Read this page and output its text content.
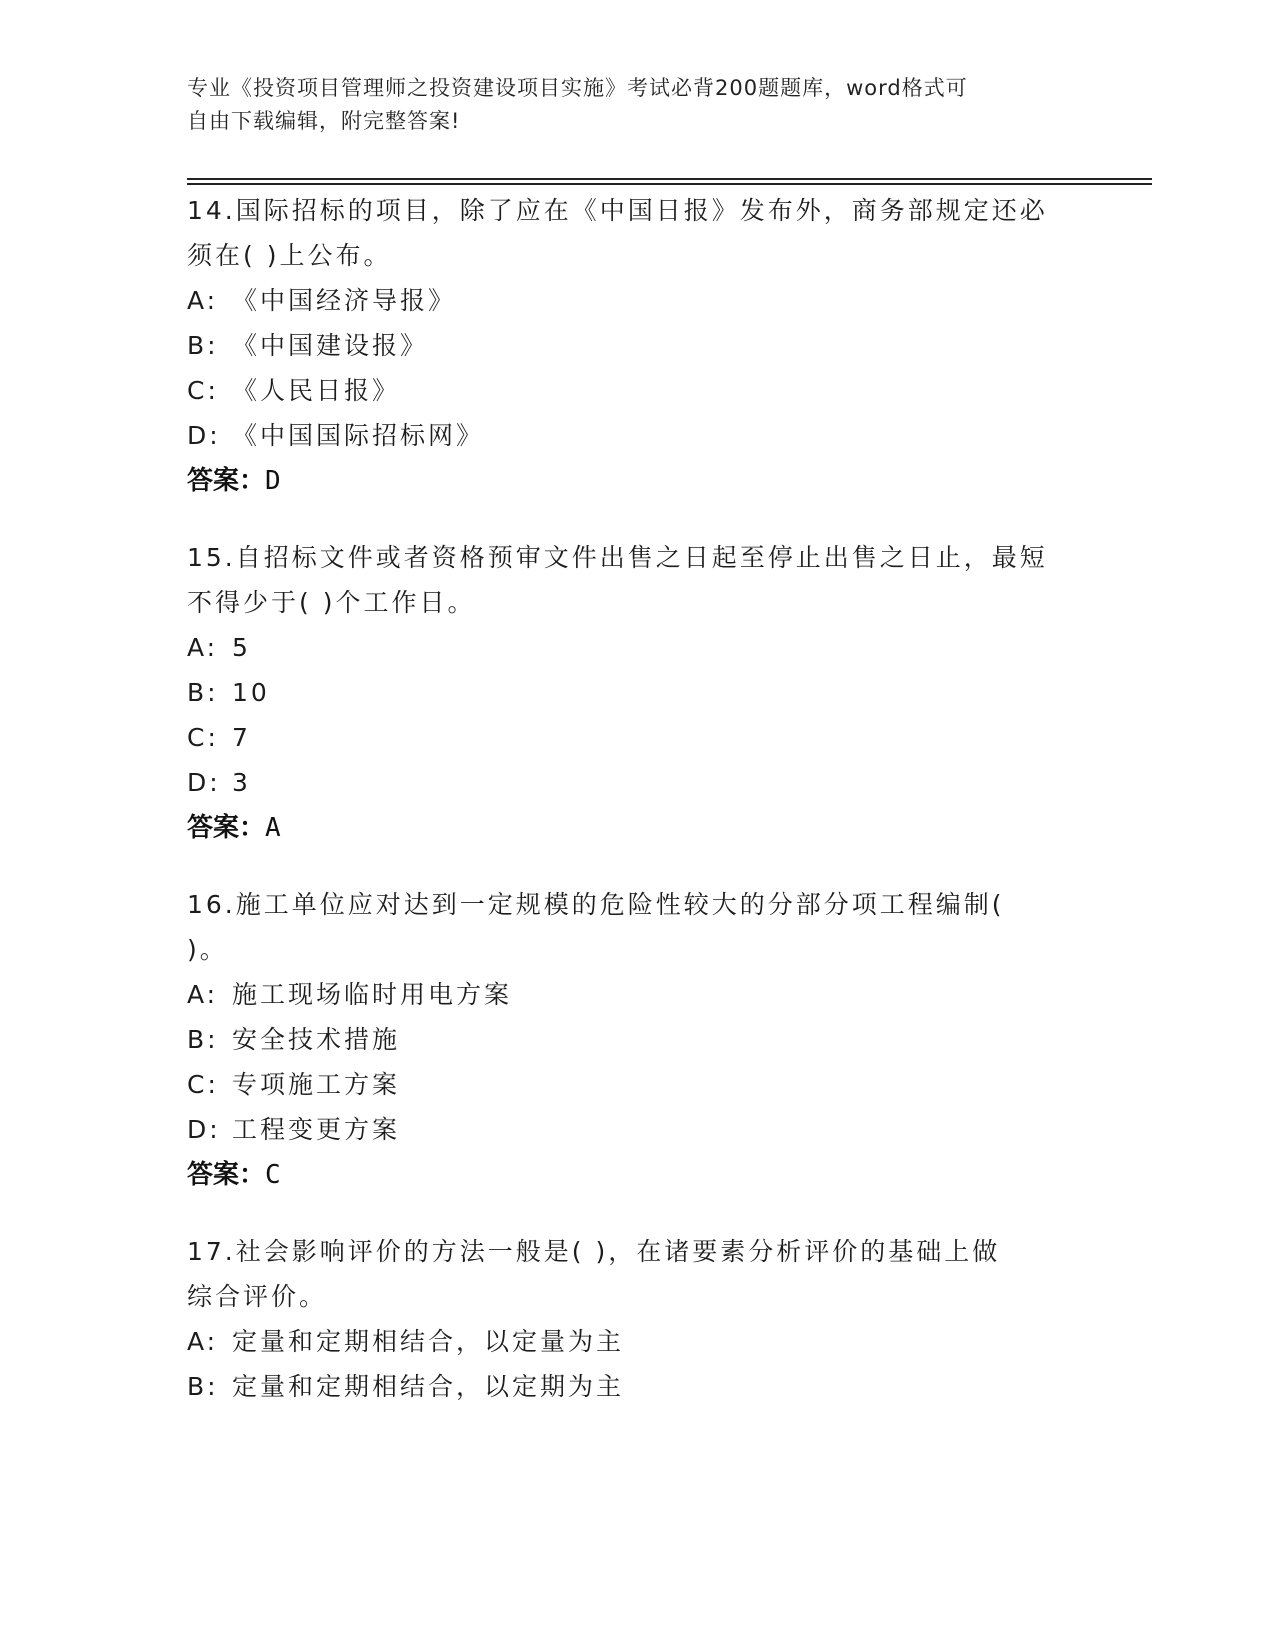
专业《投资项目管理师之投资建设项目实施》考试必背200题题库，word格式可
自由下载编辑，附完整答案!
14.国际招标的项目，除了应在《中国日报》发布外，商务部规定还必
须在( )上公布。
A: 《中国经济导报》
B: 《中国建设报》
C: 《人民日报》
D: 《中国国际招标网》
答案：D
15.自招标文件或者资格预审文件出售之日起至停止出售之日止，最短
不得少于( )个工作日。
A: 5
B: 10
C: 7
D: 3
答案：A
16.施工单位应对达到一定规模的危险性较大的分部分项工程编制(
)。
A: 施工现场临时用电方案
B: 安全技术措施
C: 专项施工方案
D: 工程变更方案
答案：C
17.社会影响评价的方法一般是( )，在诸要素分析评价的基础上做
综合评价。
A: 定量和定期相结合，以定量为主
B: 定量和定期相结合，以定期为主
